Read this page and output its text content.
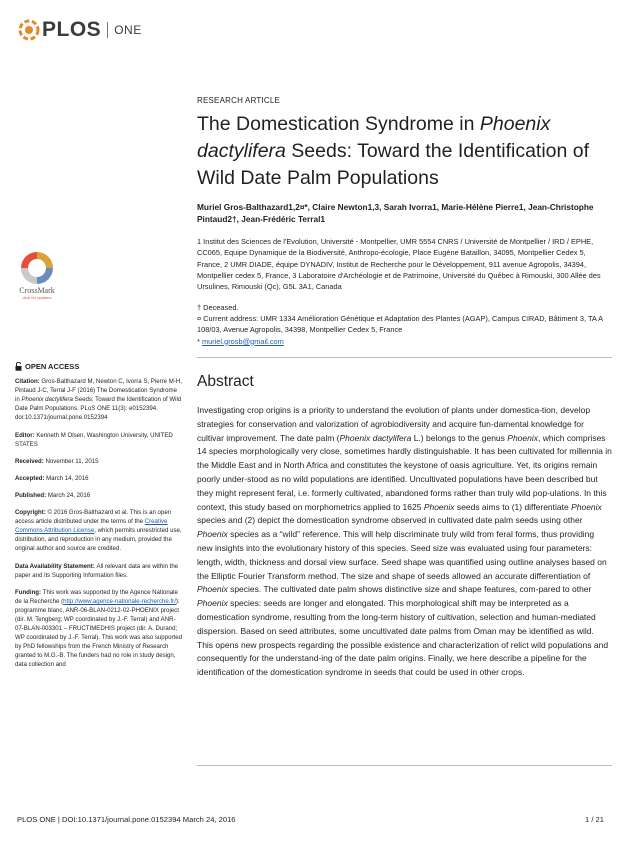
PLOS ONE
RESEARCH ARTICLE
The Domestication Syndrome in Phoenix
dactylifera Seeds: Toward the Identification of Wild Date Palm Populations
Muriel Gros-Balthazard1,2¤*, Claire Newton1,3, Sarah Ivorra1, Marie-Hélène Pierre1, Jean-Christophe Pintaud2†, Jean-Frédéric Terral1
1 Institut des Sciences de l'Evolution, Université - Montpellier, UMR 5554 CNRS / Université de Montpellier / IRD / EPHE, CC065, Equipe Dynamique de la Biodiversité, Anthropo-écologie, Place Eugène Bataillon, 34095, Montpellier Cedex 5, France, 2 UMR DIADE, équipe DYNADIV, Institut de Recherche pour le Développement, 911 avenue Agropolis, 34394, Montpellier cedex 5, France, 3 Laboratoire d'Archéologie et de Patrimoine, Université du Québec à Rimouski, 300 Allée des Ursulines, Rimouski (Qc), G5L 3A1, Canada
† Deceased.
¤ Current address: UMR 1334 Amélioration Génétique et Adaptation des Plantes (AGAP), Campus CIRAD, Bâtiment 3, TA A 108/03, Avenue Agropolis, 34398, Montpellier Cedex 5, France
* muriel.grosb@gmail.com
CrossMark
click for updates
OPEN ACCESS

Citation: Gros-Balthazard M, Newton C, Ivorra S, Pierre M-H, Pintaud J-C, Terral J-F (2016) The Domestication Syndrome in Phoenix dactylifera Seeds: Toward the Identification of Wild Date Palm Populations. PLoS ONE 11(3): e0152394. doi:10.1371/journal.pone.0152394

Editor: Kenneth M Olsen, Washington University, UNITED STATES

Received: November 11, 2015

Accepted: March 14, 2016

Published: March 24, 2016

Copyright: © 2016 Gros-Balthazard et al. This is an open access article distributed under the terms of the Creative Commons Attribution License, which permits unrestricted use, distribution, and reproduction in any medium, provided the original author and source are credited.

Data Availability Statement: All relevant data are within the paper and its Supporting Information files.

Funding: This work was supported by the Agence Nationale de la Recherche (http://www.agence-nationale-recherche.fr/): programme blanc, ANR-06-BLAN-0212-02-PHOENIX project (dir. M. Tengberg; WP coordinated by J.-F. Terral) and ANR-07-BLAN-003301 – FRUCTIMEDHIS project (dir. A. Durand; WP coordinated by J.-F. Terral). This work was also supported by PhD fellowships from the French Ministry of Research granted to M.G.-B. The funders had no role in study design, data collection and

Abstract

Investigating crop origins is a priority to understand the evolution of plants under domestica-tion, develop strategies for conservation and valorization of agrobiodiversity and acquire fun-damental knowledge for cultivar improvement. The date palm (Phoenix dactylifera L.) belongs to the genus Phoenix, which comprises 14 species morphologically very close, sometimes hardly distinguishable. It has been cultivated for millennia in the Middle East and in North Africa and constitutes the keystone of oasis agriculture. Yet, its origins remain poorly under-stood as no wild populations are identified. Uncultivated populations have been described but they might represent feral, i.e. formerly cultivated, abandoned forms rather than truly wild pop-ulations. In this context, this study based on morphometrics applied to 1625 Phoenix seeds aims to (1) differentiate Phoenix species and (2) depict the domestication syndrome observed in cultivated date palm seeds using other Phoenix species as a “wild” reference. This will help discriminate truly wild from feral forms, thus providing new insights into the evolutionary history of this species. Seed size was evaluated using four parameters: length, width, thickness and dorsal view surface. Seed shape was quantified using outline analyses based on the Elliptic Fourier Transform method. The size and shape of seeds allowed an accurate differentiation of Phoenix species. The cultivated date palm shows distinctive size and shape features, com-pared to other Phoenix species: seeds are longer and elongated. This morphological shift may be interpreted as a domestication syndrome, resulting from the long-term history of cultivation, selection and human-mediated dispersion. Based on seed attributes, some uncultivated date palms from Oman may be identified as wild. This opens new prospects regarding the possible existence and characterization of relict wild populations and consequently for the understand-ing of the date palm origins. Finally, we here describe a pipeline for the identification of the domestication syndrome in seeds that could be used in other crops.

PLOS ONE | DOI:10.1371/journal.pone.0152394 March 24, 2016	1 / 21
